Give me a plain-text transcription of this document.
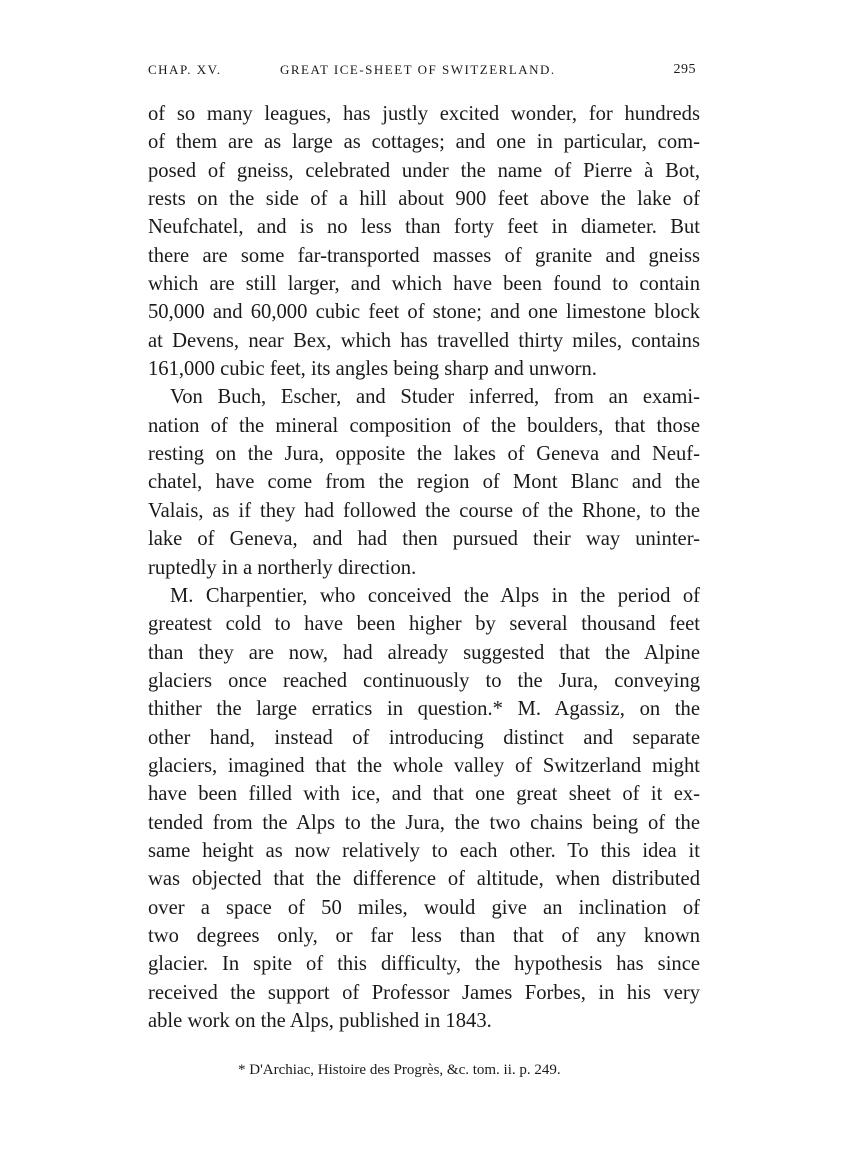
CHAP. XV.	GREAT ICE-SHEET OF SWITZERLAND.	295
of so many leagues, has justly excited wonder, for hundreds
of them are as large as cottages; and one in particular, com-
posed of gneiss, celebrated under the name of Pierre à Bot,
rests on the side of a hill about 900 feet above the lake of
Neufchatel, and is no less than forty feet in diameter. But
there are some far-transported masses of granite and gneiss
which are still larger, and which have been found to contain
50,000 and 60,000 cubic feet of stone; and one limestone block
at Devens, near Bex, which has travelled thirty miles, contains
161,000 cubic feet, its angles being sharp and unworn.
Von Buch, Escher, and Studer inferred, from an exami-
nation of the mineral composition of the boulders, that those
resting on the Jura, opposite the lakes of Geneva and Neuf-
chatel, have come from the region of Mont Blanc and the
Valais, as if they had followed the course of the Rhone, to the
lake of Geneva, and had then pursued their way uninter-
ruptedly in a northerly direction.
M. Charpentier, who conceived the Alps in the period of
greatest cold to have been higher by several thousand feet
than they are now, had already suggested that the Alpine
glaciers once reached continuously to the Jura, conveying
thither the large erratics in question.* M. Agassiz, on the
other hand, instead of introducing distinct and separate
glaciers, imagined that the whole valley of Switzerland might
have been filled with ice, and that one great sheet of it ex-
tended from the Alps to the Jura, the two chains being of the
same height as now relatively to each other. To this idea it
was objected that the difference of altitude, when distributed
over a space of 50 miles, would give an inclination of
two degrees only, or far less than that of any known
glacier. In spite of this difficulty, the hypothesis has since
received the support of Professor James Forbes, in his very
able work on the Alps, published in 1843.
* D'Archiac, Histoire des Progrès, &c. tom. ii. p. 249.
